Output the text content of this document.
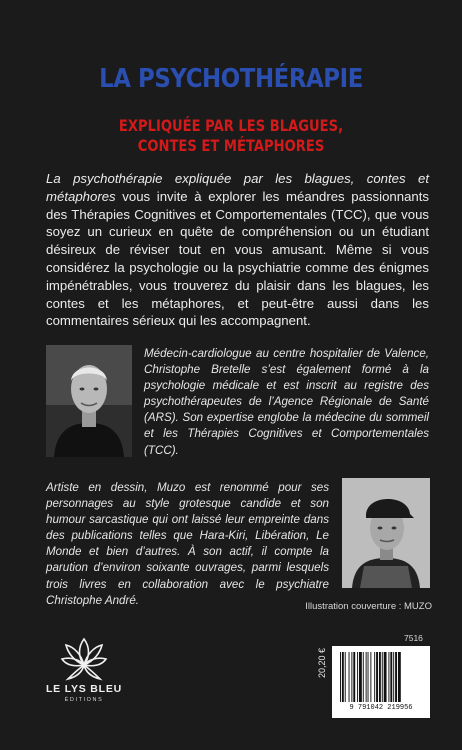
LA PSYCHOTHÉRAPIE
EXPLIQUÉE PAR LES BLAGUES,
CONTES ET MÉTAPHORES

La psychothérapie expliquée par les blagues, contes et métaphores vous invite à explorer les méandres passionnants des Thérapies Cognitives et Comportementales (TCC), que vous soyez un curieux en quête de compréhension ou un étudiant désireux de réviser tout en vous amusant. Même si vous considérez la psychologie ou la psychiatrie comme des énigmes impénétrables, vous trouverez du plaisir dans les blagues, les contes et les métaphores, et peut-être aussi dans les commentaires sérieux qui les accompagnent.

Médecin-cardiologue au centre hospitalier de Valence, Christophe Bretelle s’est également formé à la psychologie médicale et est inscrit au registre des psychothérapeutes de l’Agence Régionale de Santé (ARS). Son expertise englobe la médecine du sommeil et les Thérapies Cognitives et Comportementales (TCC).

Artiste en dessin, Muzo est renommé pour ses personnages au style grotesque candide et son humour sarcastique qui ont laissé leur empreinte dans des publications telles que Hara-Kiri, Libération, Le Monde et bien d’autres. À son actif, il compte la parution d’environ soixante ouvrages, parmi lesquels trois livres en collaboration avec le psychiatre Christophe André.	Illustration couverture : MUZO
LE LYS BLEU
ÉDITIONS
7516
20,20 €
9 791042 219956
